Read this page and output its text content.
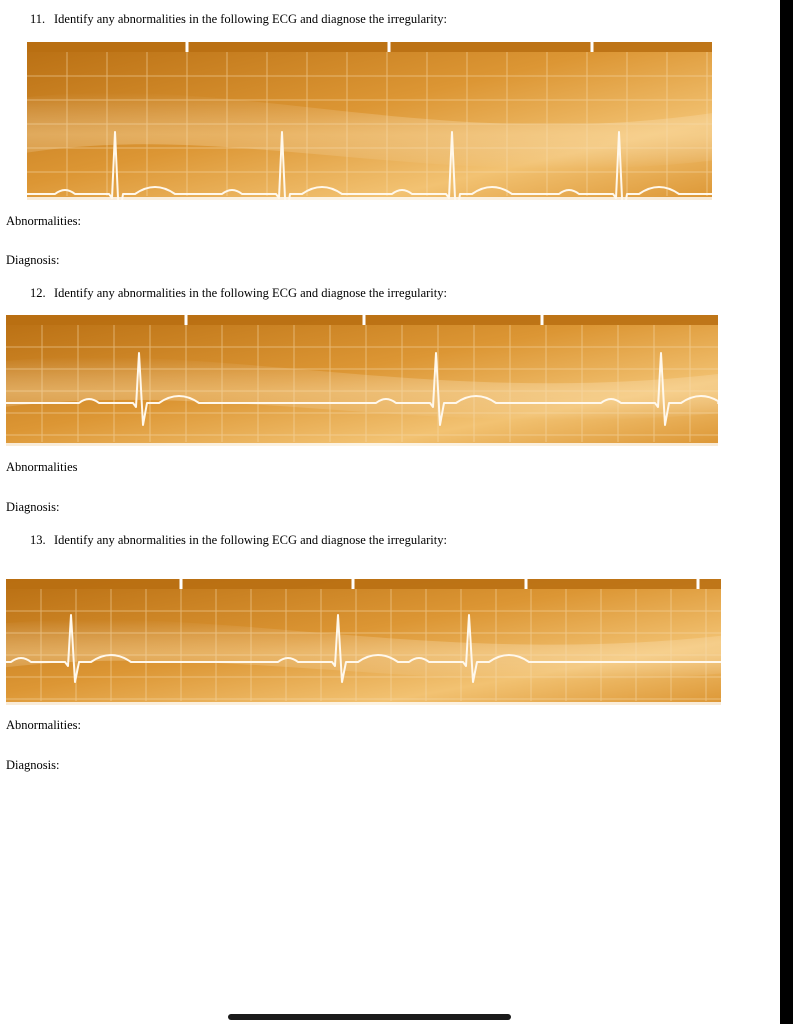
11. Identify any abnormalities in the following ECG and diagnose the irregularity:
Abnormalities:
Diagnosis:
12. Identify any abnormalities in the following ECG and diagnose the irregularity:
Abnormalities
Diagnosis:
13. Identify any abnormalities in the following ECG and diagnose the irregularity:
Abnormalities:
Diagnosis:
